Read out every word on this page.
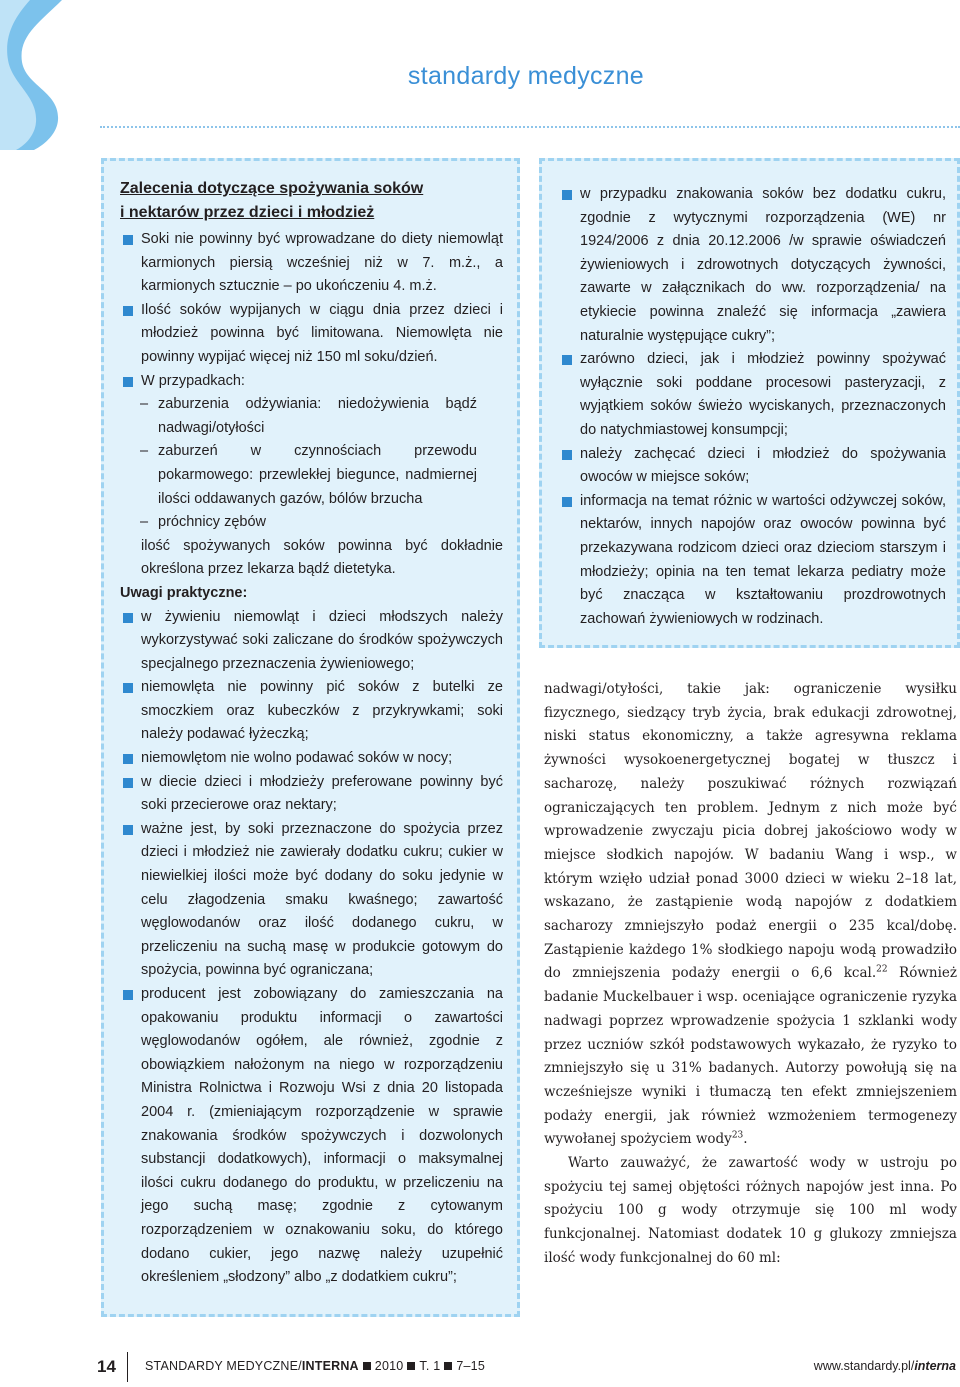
standardy medyczne
Zalecenia dotyczące spożywania soków
i nektarów przez dzieci i młodzież
Soki nie powinny być wprowadzane do diety niemowląt karmionych piersią wcześniej niż w 7. m.ż., a karmionych sztucznie – po ukończeniu 4. m.ż.
Ilość soków wypijanych w ciągu dnia przez dzieci i młodzież powinna być limitowana. Niemowlęta nie powinny wypijać więcej niż 150 ml soku/dzień.
W przypadkach:
– zaburzenia odżywiania: niedożywienia bądź nadwagi/otyłości
– zaburzeń w czynnościach przewodu pokarmowego: przewlekłej biegunce, nadmiernej ilości oddawanych gazów, bólów brzucha
– próchnicy zębów
ilość spożywanych soków powinna być dokładnie określona przez lekarza bądź dietetyka.
Uwagi praktyczne:
w żywieniu niemowląt i dzieci młodszych należy wykorzystywać soki zaliczane do środków spożywczych specjalnego przeznaczenia żywieniowego;
niemowlęta nie powinny pić soków z butelki ze smoczkiem oraz kubeczków z przykrywkami; soki należy podawać łyżeczką;
niemowlętom nie wolno podawać soków w nocy;
w diecie dzieci i młodzieży preferowane powinny być soki przecierowe oraz nektary;
ważne jest, by soki przeznaczone do spożycia przez dzieci i młodzież nie zawierały dodatku cukru; cukier w niewielkiej ilości może być dodany do soku jedynie w celu złagodzenia smaku kwaśnego; zawartość węglowodanów oraz ilość dodanego cukru, w przeliczeniu na suchą masę w produkcie gotowym do spożycia, powinna być ograniczana;
producent jest zobowiązany do zamieszczania na opakowaniu produktu informacji o zawartości węglowodanów ogółem, ale również, zgodnie z obowiązkiem nałożonym na niego w rozporządzeniu Ministra Rolnictwa i Rozwoju Wsi z dnia 20 listopada 2004 r. (zmieniającym rozporządzenie w sprawie znakowania środków spożywczych i dozwolonych substancji dodatkowych), informacji o maksymalnej ilości cukru dodanego do produktu, w przeliczeniu na jego suchą masę; zgodnie z cytowanym rozporządzeniem w oznakowaniu soku, do którego dodano cukier, jego nazwę należy uzupełnić określeniem „słodzony” albo „z dodatkiem cukru”;
w przypadku znakowania soków bez dodatku cukru, zgodnie z wytycznymi rozporządzenia (WE) nr 1924/2006 z dnia 20.12.2006 /w sprawie oświadczeń żywieniowych i zdrowotnych dotyczących żywności, zawarte w załącznikach do ww. rozporządzenia/ na etykiecie powinna znaleźć się informacja „zawiera naturalnie występujące cukry”;
zarówno dzieci, jak i młodzież powinny spożywać wyłącznie soki poddane procesowi pasteryzacji, z wyjątkiem soków świeżo wyciskanych, przeznaczonych do natychmiastowej konsumpcji;
należy zachęcać dzieci i młodzież do spożywania owoców w miejsce soków;
informacja na temat różnic w wartości odżywczej soków, nektarów, innych napojów oraz owoców powinna być przekazywana rodzicom dzieci oraz dzieciom starszym i młodzieży; opinia na ten temat lekarza pediatry może być znacząca w kształtowaniu prozdrowotnych zachowań żywieniowych w rodzinach.

nadwagi/otyłości, takie jak: ograniczenie wysiłku fizycznego, siedzący tryb życia, brak edukacji zdrowotnej, niski status ekonomiczny, a także agresywna reklama żywności wysokoenergetycznej bogatej w tłuszcz i sacharozę, należy poszukiwać różnych rozwiązań ograniczających ten problem. Jednym z nich może być wprowadzenie zwyczaju picia dobrej jakościowo wody w miejsce słodkich napojów. W badaniu Wang i wsp., w którym wzięło udział ponad 3000 dzieci w wieku 2–18 lat, wskazano, że zastąpienie wodą napojów z dodatkiem sacharozy zmniejszyło podaż energii o 235 kcal/dobę. Zastąpienie każdego 1% słodkiego napoju wodą prowadziło do zmniejszenia podaży energii o 6,6 kcal.$^{22}$ Również badanie Muckelbauer i wsp. oceniające ograniczenie ryzyka nadwagi poprzez wprowadzenie spożycia 1 szklanki wody przez uczniów szkół podstawowych wykazało, że ryzyko to zmniejszyło się u 31% badanych. Autorzy powołują się na wcześniejsze wyniki i tłumaczą ten efekt zmniejszeniem podaży energii, jak również wzmożeniem termogenezy wywołanej spożyciem wody$^{23}$.

Warto zauważyć, że zawartość wody w ustroju po spożyciu tej samej objętości różnych napojów jest inna. Po spożyciu 100 g wody otrzymuje się 100 ml wody funkcjonalnej. Natomiast dodatek 10 g glukozy zmniejsza ilość wody funkcjonalnej do 60 ml:

14 STANDARDY MEDYCZNE/INTERNA 2010 T. 1 7–15	www.standardy.pl/interna
